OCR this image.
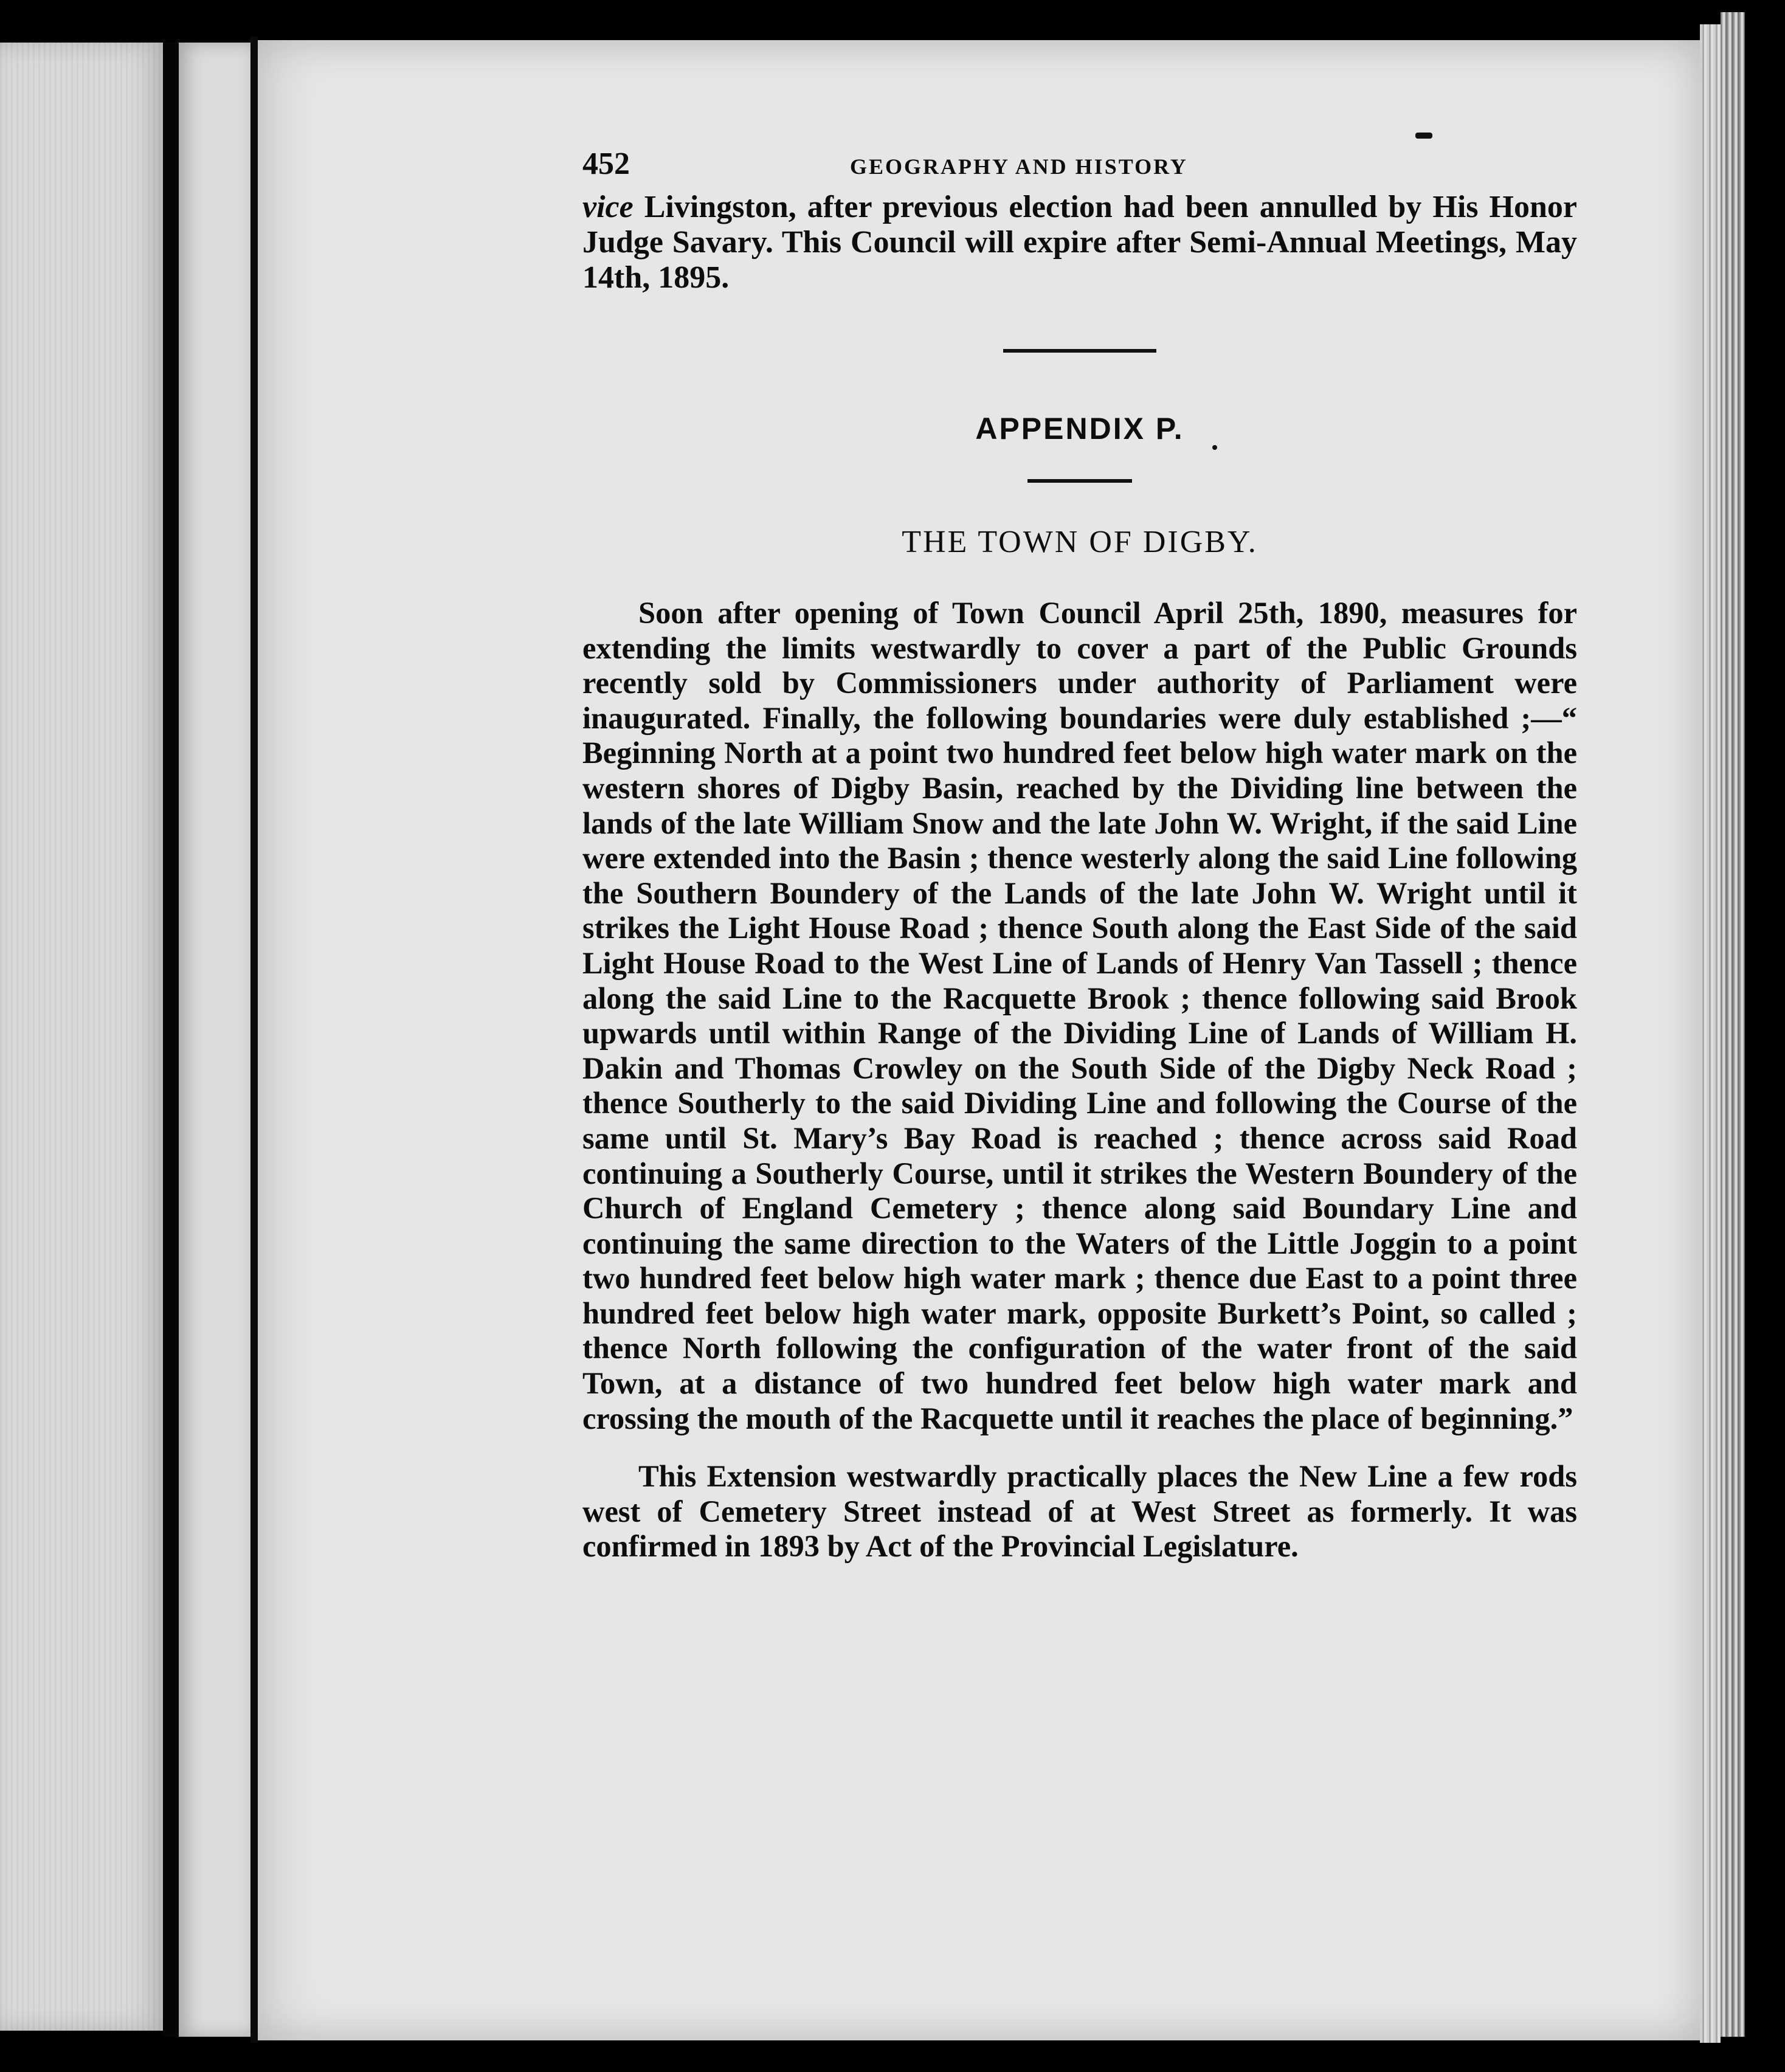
452	GEOGRAPHY AND HISTORY

vice Livingston, after previous election had been annulled by His Honor Judge Savary. This Council will expire after Semi-Annual Meetings, May 14th, 1895.

APPENDIX P.
THE TOWN OF DIGBY.

Soon after opening of Town Council April 25th, 1890, measures for extending the limits westwardly to cover a part of the Public Grounds recently sold by Commissioners under authority of Parliament were inaugurated. Finally, the following boundaries were duly established ;—“ Beginning North at a point two hundred feet below high water mark on the western shores of Digby Basin, reached by the Dividing line between the lands of the late William Snow and the late John W. Wright, if the said Line were extended into the Basin ; thence westerly along the said Line following the Southern Boundery of the Lands of the late John W. Wright until it strikes the Light House Road ; thence South along the East Side of the said Light House Road to the West Line of Lands of Henry Van Tassell ; thence along the said Line to the Racquette Brook ; thence following said Brook upwards until within Range of the Dividing Line of Lands of William H. Dakin and Thomas Crowley on the South Side of the Digby Neck Road ; thence Southerly to the said Dividing Line and following the Course of the same until St. Mary’s Bay Road is reached ; thence across said Road continuing a Southerly Course, until it strikes the Western Boundery of the Church of England Cemetery ; thence along said Boundary Line and continuing the same direction to the Waters of the Little Joggin to a point two hundred feet below high water mark ; thence due East to a point three hundred feet below high water mark, opposite Burkett’s Point, so called ; thence North following the configuration of the water front of the said Town, at a distance of two hundred feet below high water mark and crossing the mouth of the Racquette until it reaches the place of beginning.”

This Extension westwardly practically places the New Line a few rods west of Cemetery Street instead of at West Street as formerly. It was confirmed in 1893 by Act of the Provincial Legislature.
